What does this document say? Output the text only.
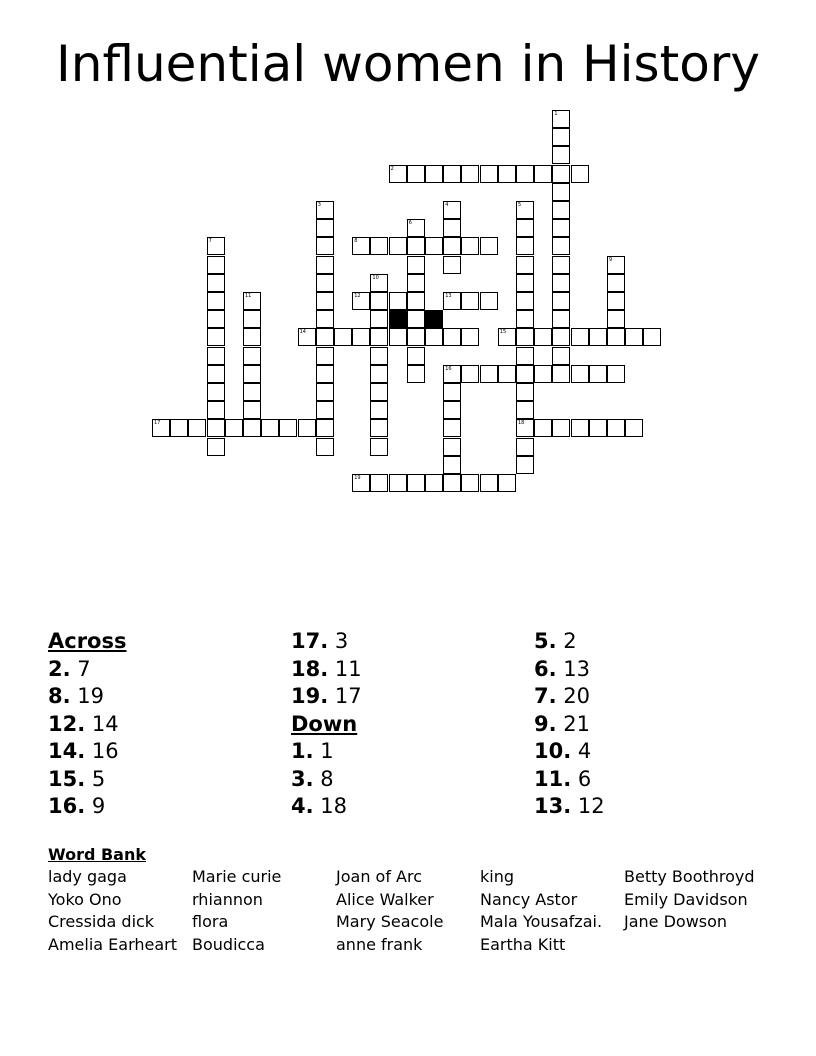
Influential women in History
1
2
3	4	5
18
6
7	8
9
10
11	12	13
14	15
16
17
19
Across
2. 7
8. 19
12. 14
14. 16
15. 5
16. 9
17. 3
18. 11
19. 17
Down
1. 1
3. 8
4. 18
5. 2
6. 13
7. 20
9. 21
10. 4
11. 6
13. 12
Word Bank
lady gaga
Yoko Ono
Cressida dick
Amelia Earheart
Marie curie
rhiannon
flora
Boudicca
Joan of Arc
Alice Walker
Mary Seacole
anne frank
king
Nancy Astor
Mala Yousafzai.
Eartha Kitt
Betty Boothroyd
Emily Davidson
Jane Dowson
